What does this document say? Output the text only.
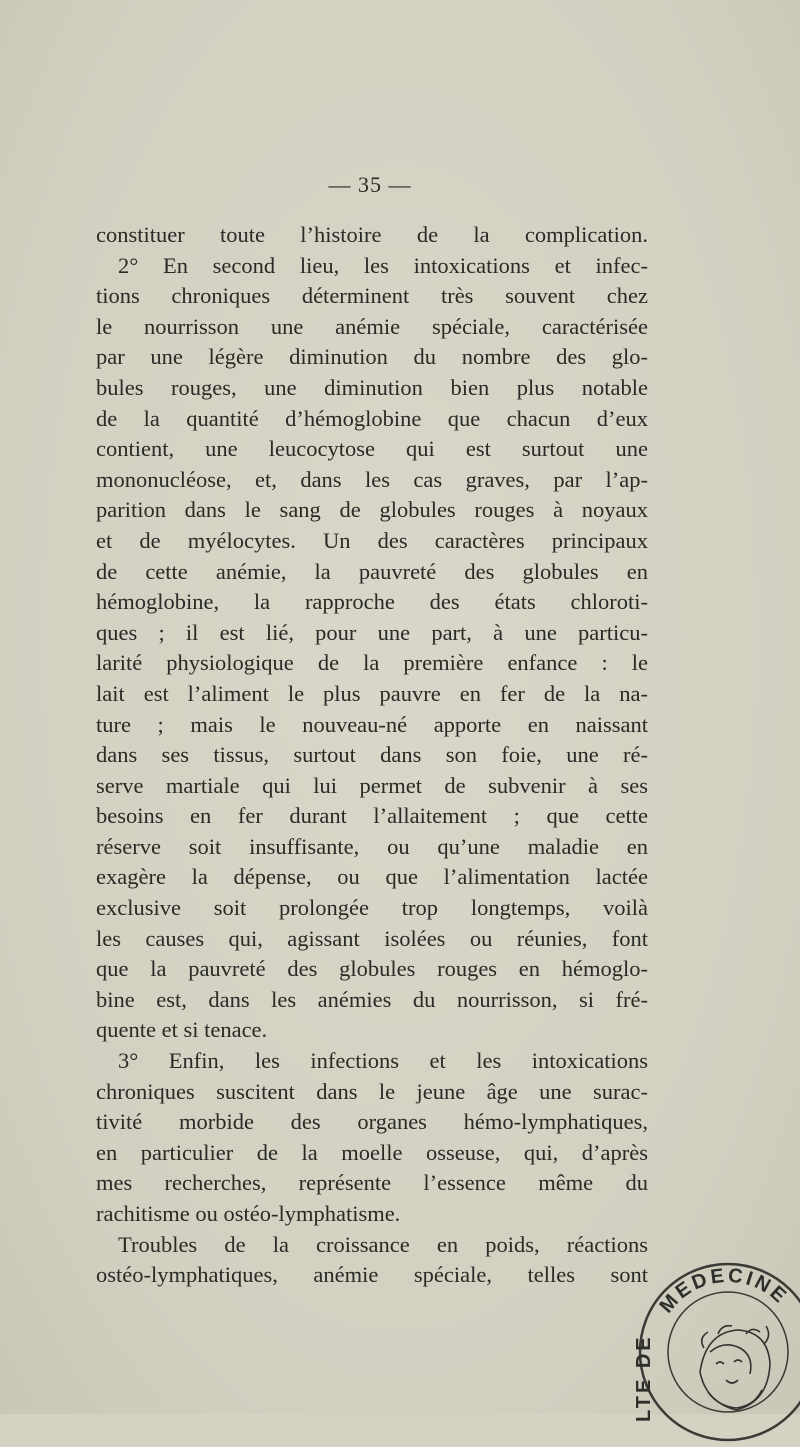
— 35 —
constituer toute l’histoire de la complication.
2° En second lieu, les intoxications et infec-
tions chroniques déterminent très souvent chez
le nourrisson une anémie spéciale, caractérisée
par une légère diminution du nombre des glo-
bules rouges, une diminution bien plus notable
de la quantité d’hémoglobine que chacun d’eux
contient, une leucocytose qui est surtout une
mononucléose, et, dans les cas graves, par l’ap-
parition dans le sang de globules rouges à noyaux
et de myélocytes. Un des caractères principaux
de cette anémie, la pauvreté des globules en
hémoglobine, la rapproche des états chloroti-
ques ; il est lié, pour une part, à une particu-
larité physiologique de la première enfance : le
lait est l’aliment le plus pauvre en fer de la na-
ture ; mais le nouveau-né apporte en naissant
dans ses tissus, surtout dans son foie, une ré-
serve martiale qui lui permet de subvenir à ses
besoins en fer durant l’allaitement ; que cette
réserve soit insuffisante, ou qu’une maladie en
exagère la dépense, ou que l’alimentation lactée
exclusive soit prolongée trop longtemps, voilà
les causes qui, agissant isolées ou réunies, font
que la pauvreté des globules rouges en hémoglo-
bine est, dans les anémies du nourrisson, si fré-
quente et si tenace.
3° Enfin, les infections et les intoxications
chroniques suscitent dans le jeune âge une surac-
tivité morbide des organes hémo-lymphatiques,
en particulier de la moelle osseuse, qui, d’après
mes recherches, représente l’essence même du
rachitisme ou ostéo-lymphatisme.
Troubles de la croissance en poids, réactions
ostéo-lymphatiques, anémie spéciale, telles sont
MEDECINE
LTE DE
